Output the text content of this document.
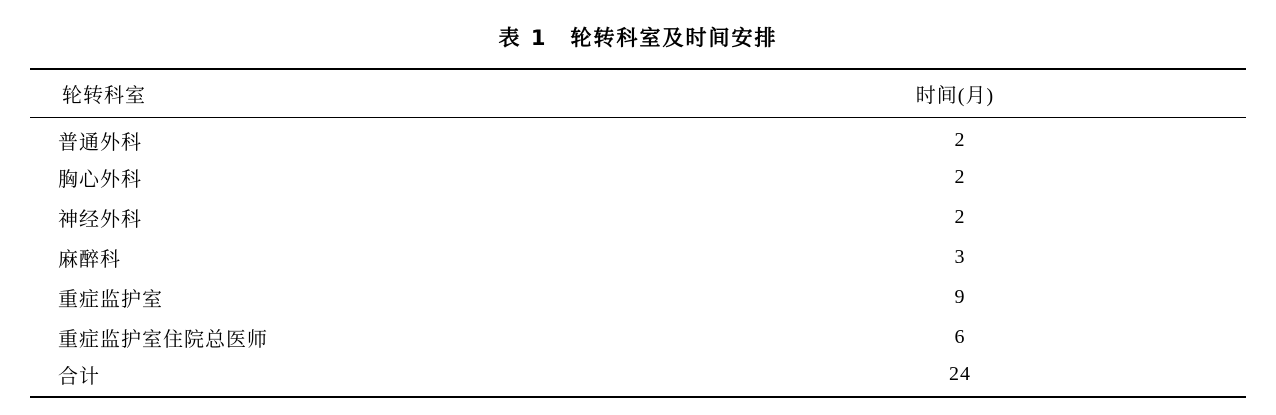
表 1　轮转科室及时间安排
轮转科室	时间(月)
普通外科	2
胸心外科	2
神经外科	2
麻醉科	3
重症监护室	9
重症监护室住院总医师	6
合计	24
